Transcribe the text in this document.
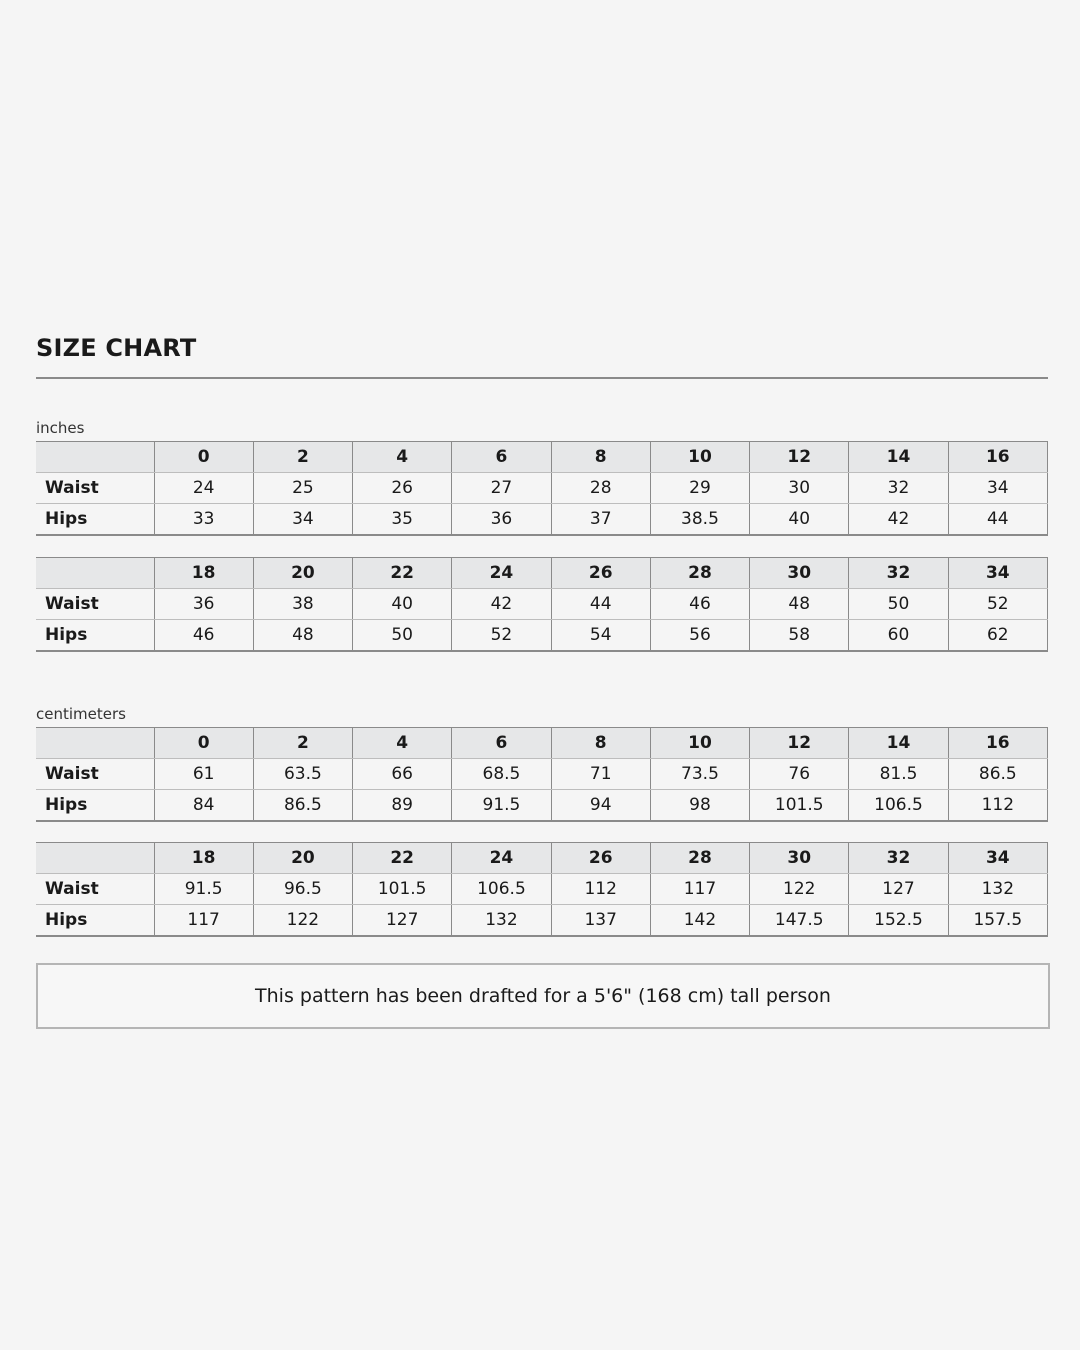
SIZE CHART
inches
	0	2	4	6	8	10	12	14	16
Waist	24	25	26	27	28	29	30	32	34
Hips	33	34	35	36	37	38.5	40	42	44
	18	20	22	24	26	28	30	32	34
Waist	36	38	40	42	44	46	48	50	52
Hips	46	48	50	52	54	56	58	60	62
centimeters
	0	2	4	6	8	10	12	14	16
Waist	61	63.5	66	68.5	71	73.5	76	81.5	86.5
Hips	84	86.5	89	91.5	94	98	101.5	106.5	112
	18	20	22	24	26	28	30	32	34
Waist	91.5	96.5	101.5	106.5	112	117	122	127	132
Hips	117	122	127	132	137	142	147.5	152.5	157.5
This pattern has been drafted for a 5'6" (168 cm) tall person
